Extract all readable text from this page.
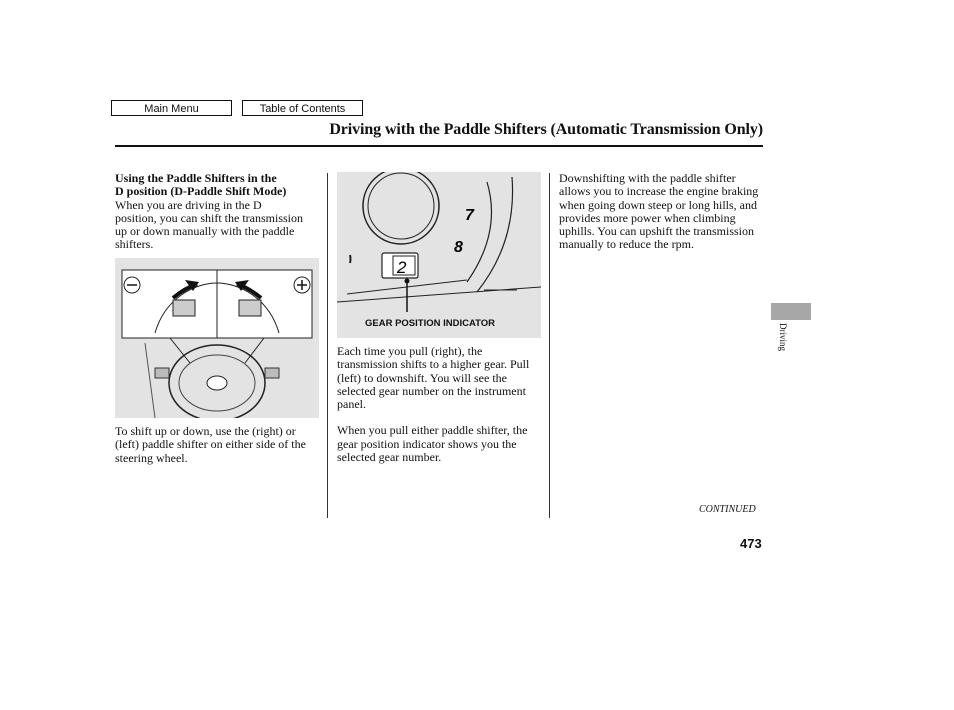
Main Menu	Table of Contents
Driving with the Paddle Shifters (Automatic Transmission Only)
Using the Paddle Shifters in the
D position (D-Paddle Shift Mode)

When you are driving in the D position, you can shift the transmission up or down manually with the paddle shifters.

To shift up or down, use the (right) or (left) paddle shifter on either side of the steering wheel.

7
8
2
GEAR POSITION INDICATOR

Each time you pull (right), the transmission shifts to a higher gear. Pull (left) to downshift. You will see the selected gear number on the instrument panel.

When you pull either paddle shifter, the gear position indicator shows you the selected gear number.

Downshifting with the paddle shifter allows you to increase the engine braking when going down steep or long hills, and provides more power when climbing uphills. You can upshift the transmission manually to reduce the rpm.

Driving
CONTINUED
473
